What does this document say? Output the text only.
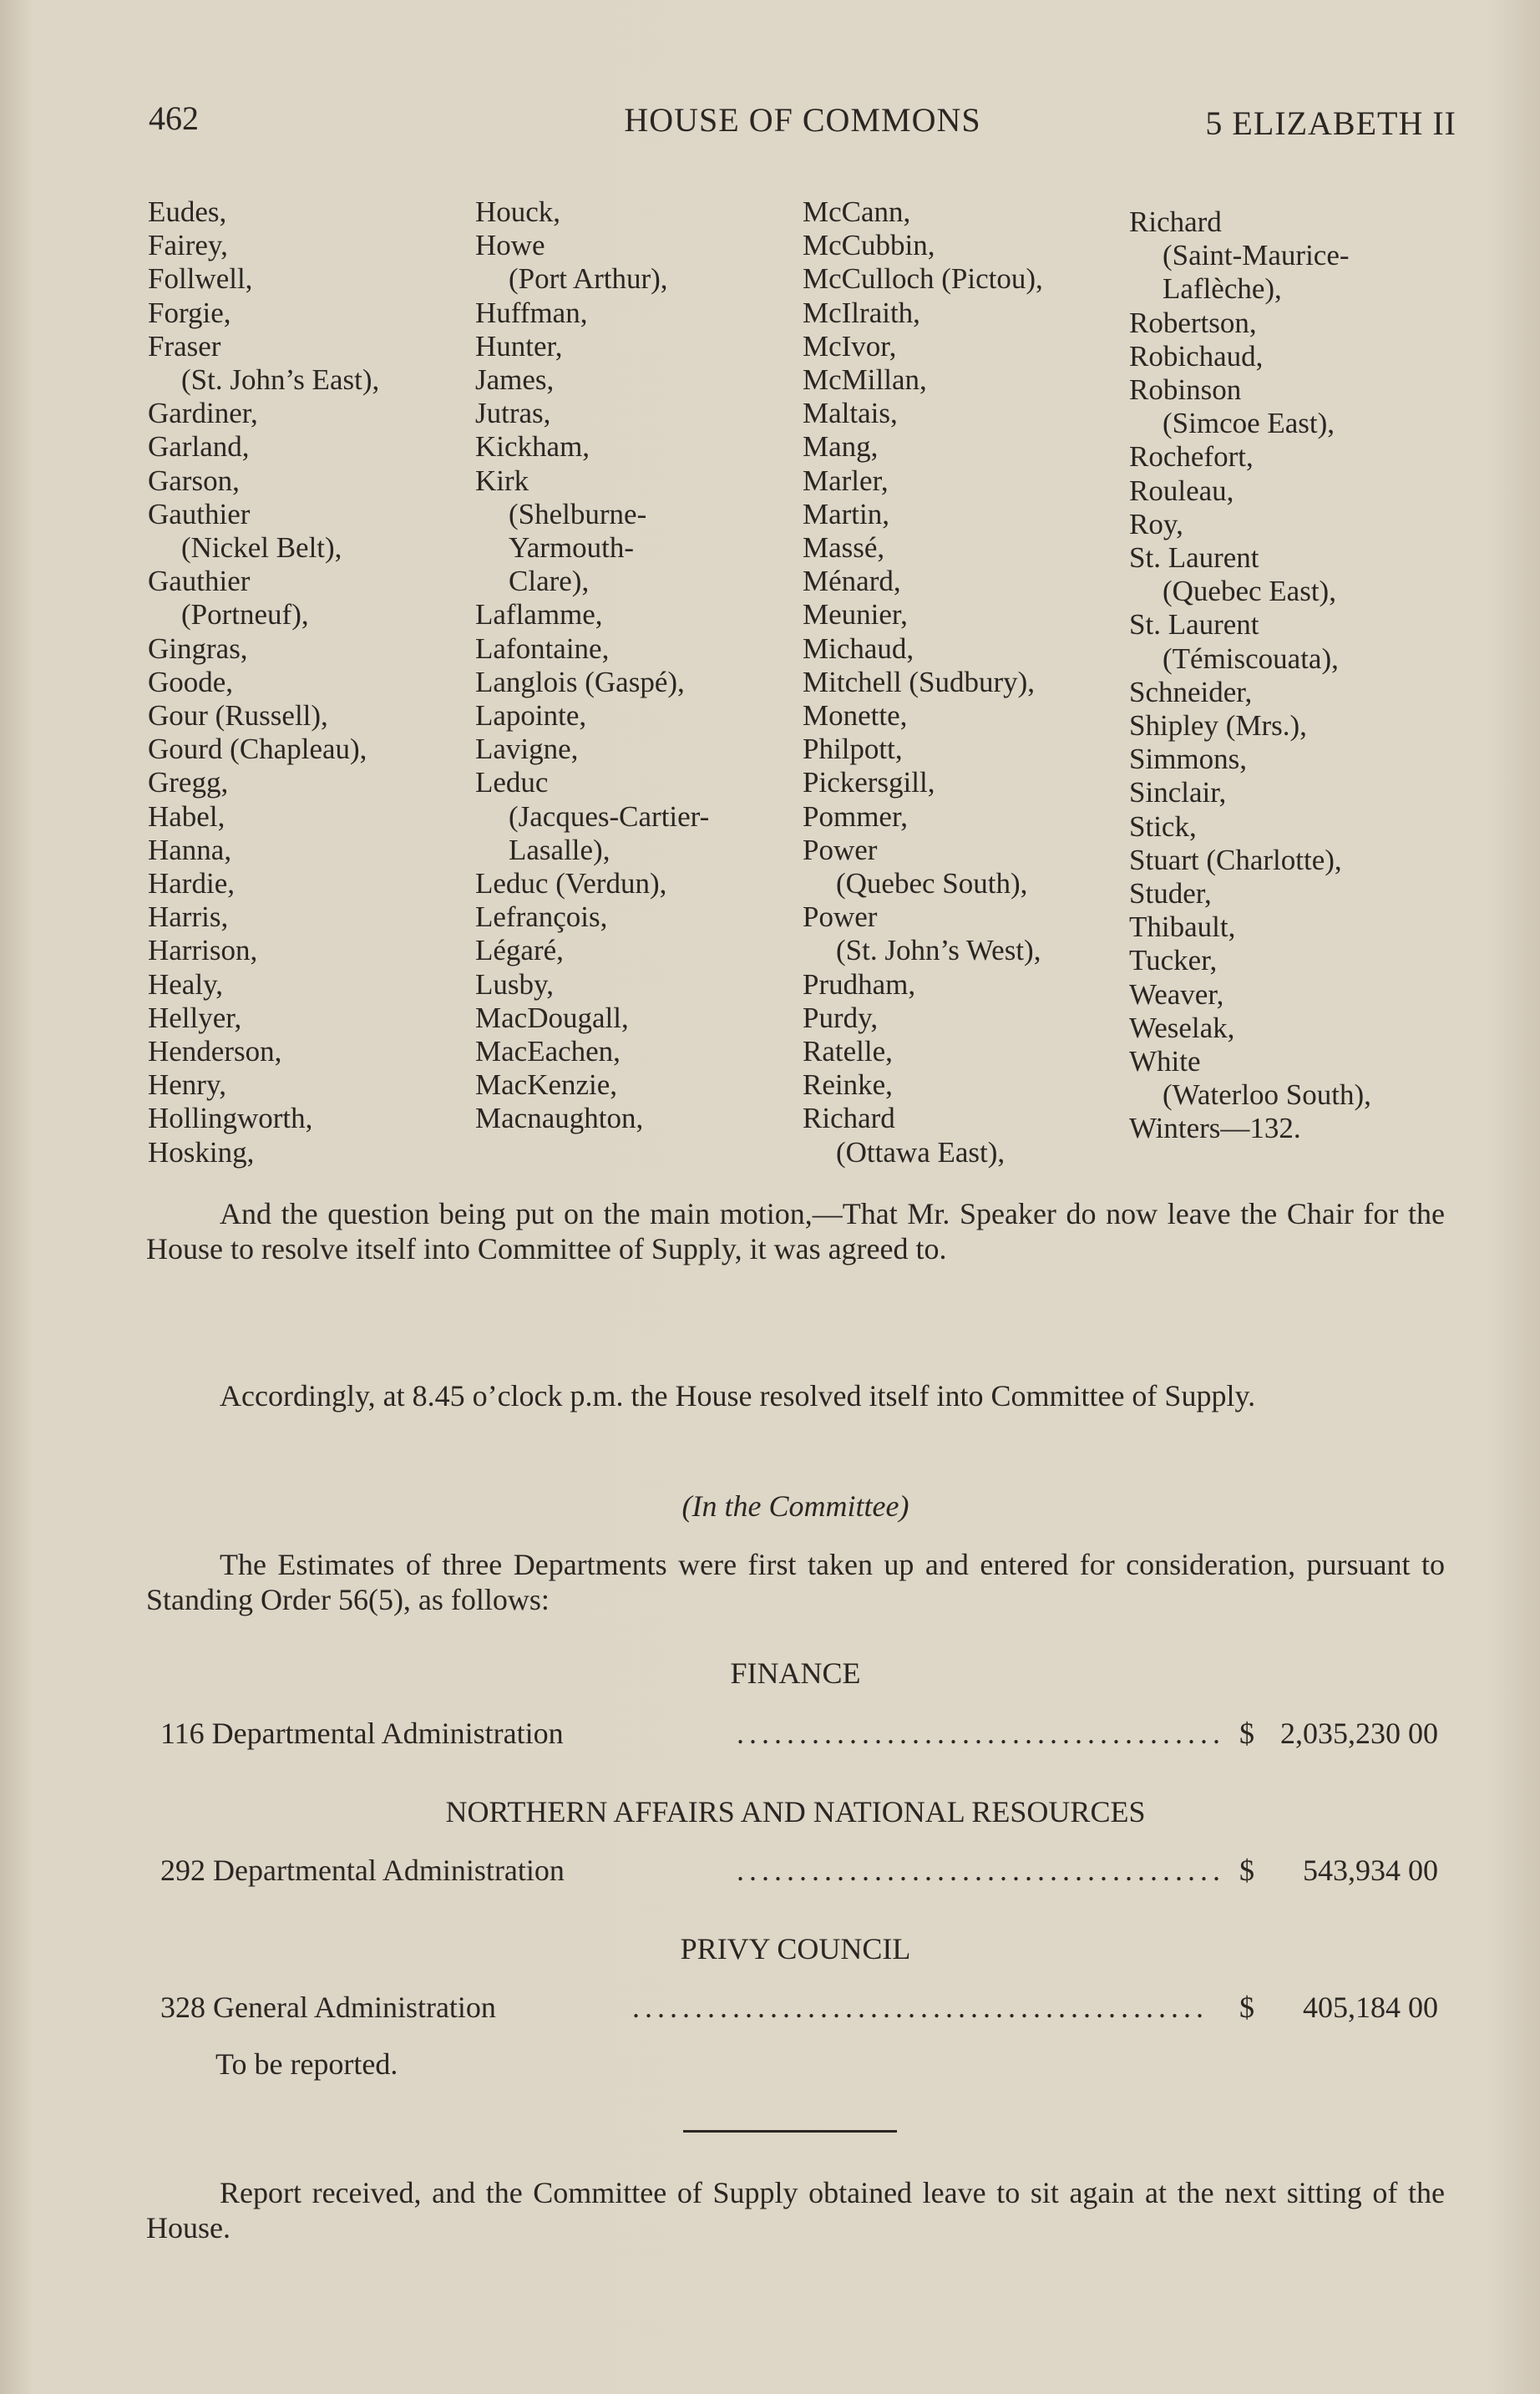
462	HOUSE OF COMMONS	5 ELIZABETH II
Eudes,
Fairey,
Follwell,
Forgie,
Fraser
(St. John’s East),
Gardiner,
Garland,
Garson,
Gauthier
(Nickel Belt),
Gauthier
(Portneuf),
Gingras,
Goode,
Gour (Russell),
Gourd (Chapleau),
Gregg,
Habel,
Hanna,
Hardie,
Harris,
Harrison,
Healy,
Hellyer,
Henderson,
Henry,
Hollingworth,
Hosking,
Houck,
Howe
(Port Arthur),
Huffman,
Hunter,
James,
Jutras,
Kickham,
Kirk
(Shelburne-
Yarmouth-
Clare),
Laflamme,
Lafontaine,
Langlois (Gaspé),
Lapointe,
Lavigne,
Leduc
(Jacques-Cartier-
Lasalle),
Leduc (Verdun),
Lefrançois,
Légaré,
Lusby,
MacDougall,
MacEachen,
MacKenzie,
Macnaughton,
McCann,
McCubbin,
McCulloch (Pictou),
McIlraith,
McIvor,
McMillan,
Maltais,
Mang,
Marler,
Martin,
Massé,
Ménard,
Meunier,
Michaud,
Mitchell (Sudbury),
Monette,
Philpott,
Pickersgill,
Pommer,
Power
(Quebec South),
Power
(St. John’s West),
Prudham,
Purdy,
Ratelle,
Reinke,
Richard
(Ottawa East),
Richard
(Saint-Maurice-
Laflèche),
Robertson,
Robichaud,
Robinson
(Simcoe East),
Rochefort,
Rouleau,
Roy,
St. Laurent
(Quebec East),
St. Laurent
(Témiscouata),
Schneider,
Shipley (Mrs.),
Simmons,
Sinclair,
Stick,
Stuart (Charlotte),
Studer,
Thibault,
Tucker,
Weaver,
Weselak,
White
(Waterloo South),
Winters—132.
And the question being put on the main motion,—That Mr. Speaker do now leave the Chair for the House to resolve itself into Committee of Supply, it was agreed to.
Accordingly, at 8.45 o’clock p.m. the House resolved itself into Committee of Supply.
(In the Committee)
The Estimates of three Departments were first taken up and entered for consideration, pursuant to Standing Order 56(5), as follows:
FINANCE
116 Departmental Administration	....................................... $ 2,035,230 00
NORTHERN AFFAIRS AND NATIONAL RESOURCES
292 Departmental Administration	....................................... $ 543,934 00
PRIVY COUNCIL
328 General Administration	..............................................	$ 405,184 00
To be reported.
Report received, and the Committee of Supply obtained leave to sit again at the next sitting of the House.
